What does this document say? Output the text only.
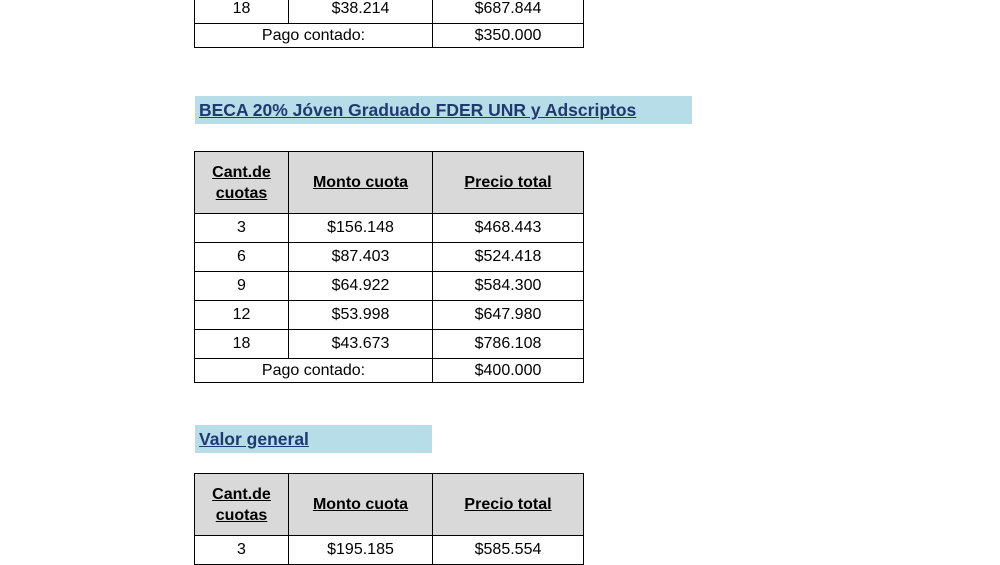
18	$38.214	$687.844
Pago contado:		$350.000
BECA 20% Jóven Graduado FDER UNR y Adscriptos
Cant.de
cuotas	Monto cuota	Precio total
3	$156.148	$468.443
6	$87.403	$524.418
9	$64.922	$584.300
12	$53.998	$647.980
18	$43.673	$786.108
Pago contado:		$400.000
Valor general
Cant.de
cuotas	Monto cuota	Precio total
3	$195.185	$585.554
